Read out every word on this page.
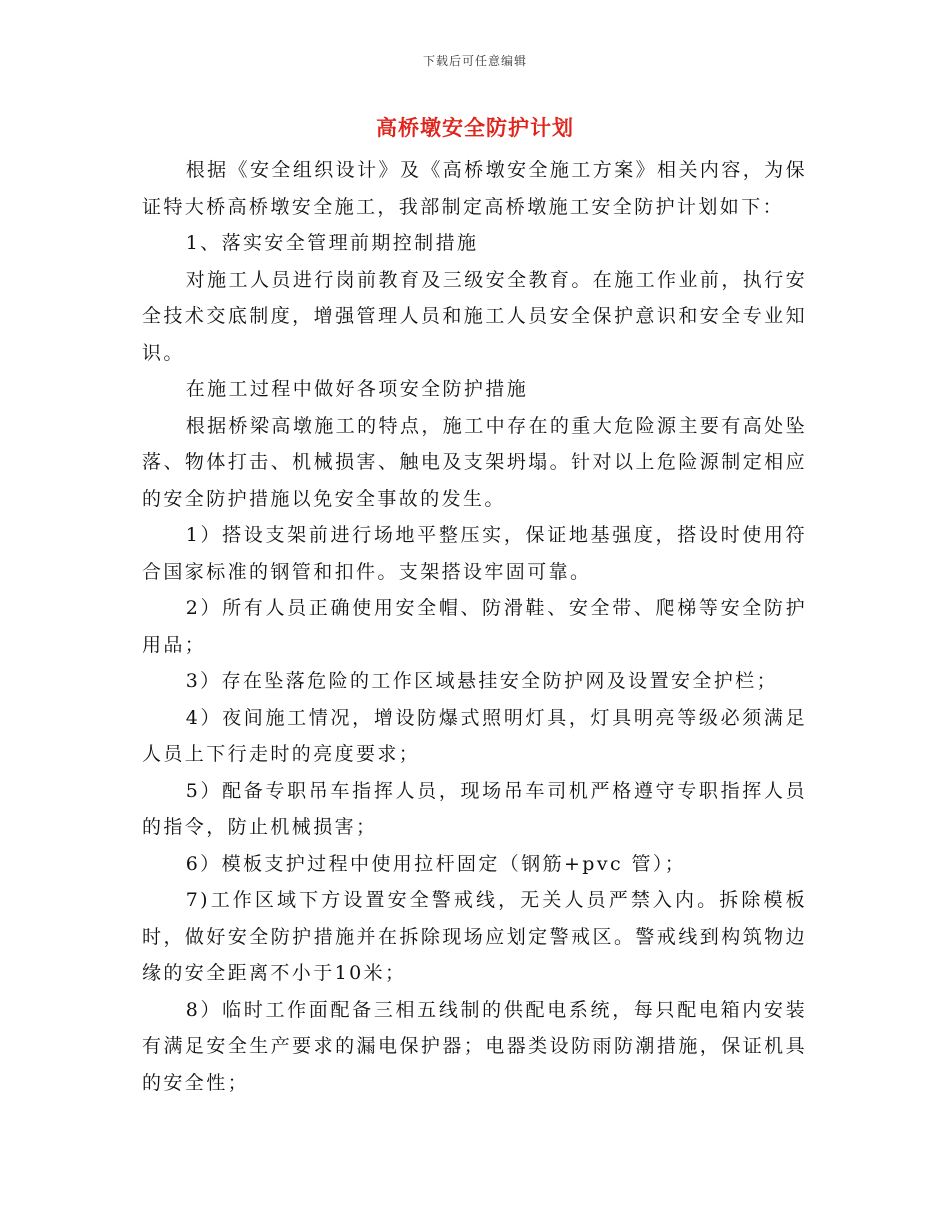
下载后可任意编辑
高桥墩安全防护计划

根据《安全组织设计》及《高桥墩安全施工方案》相关内容，为保证特大桥高桥墩安全施工，我部制定高桥墩施工安全防护计划如下：

1、落实安全管理前期控制措施

对施工人员进行岗前教育及三级安全教育。在施工作业前，执行安全技术交底制度，增强管理人员和施工人员安全保护意识和安全专业知识。

在施工过程中做好各项安全防护措施

根据桥梁高墩施工的特点，施工中存在的重大危险源主要有高处坠落、物体打击、机械损害、触电及支架坍塌。针对以上危险源制定相应的安全防护措施以免安全事故的发生。

1）搭设支架前进行场地平整压实，保证地基强度，搭设时使用符合国家标准的钢管和扣件。支架搭设牢固可靠。

2）所有人员正确使用安全帽、防滑鞋、安全带、爬梯等安全防护用品；

3）存在坠落危险的工作区域悬挂安全防护网及设置安全护栏；

4）夜间施工情况，增设防爆式照明灯具，灯具明亮等级必须满足人员上下行走时的亮度要求；

5）配备专职吊车指挥人员，现场吊车司机严格遵守专职指挥人员的指令，防止机械损害；

6）模板支护过程中使用拉杆固定（钢筋+pvc 管）；

7)工作区域下方设置安全警戒线，无关人员严禁入内。拆除模板时，做好安全防护措施并在拆除现场应划定警戒区。警戒线到构筑物边缘的安全距离不小于10米；

8）临时工作面配备三相五线制的供配电系统，每只配电箱内安装有满足安全生产要求的漏电保护器；电器类设防雨防潮措施，保证机具的安全性；
